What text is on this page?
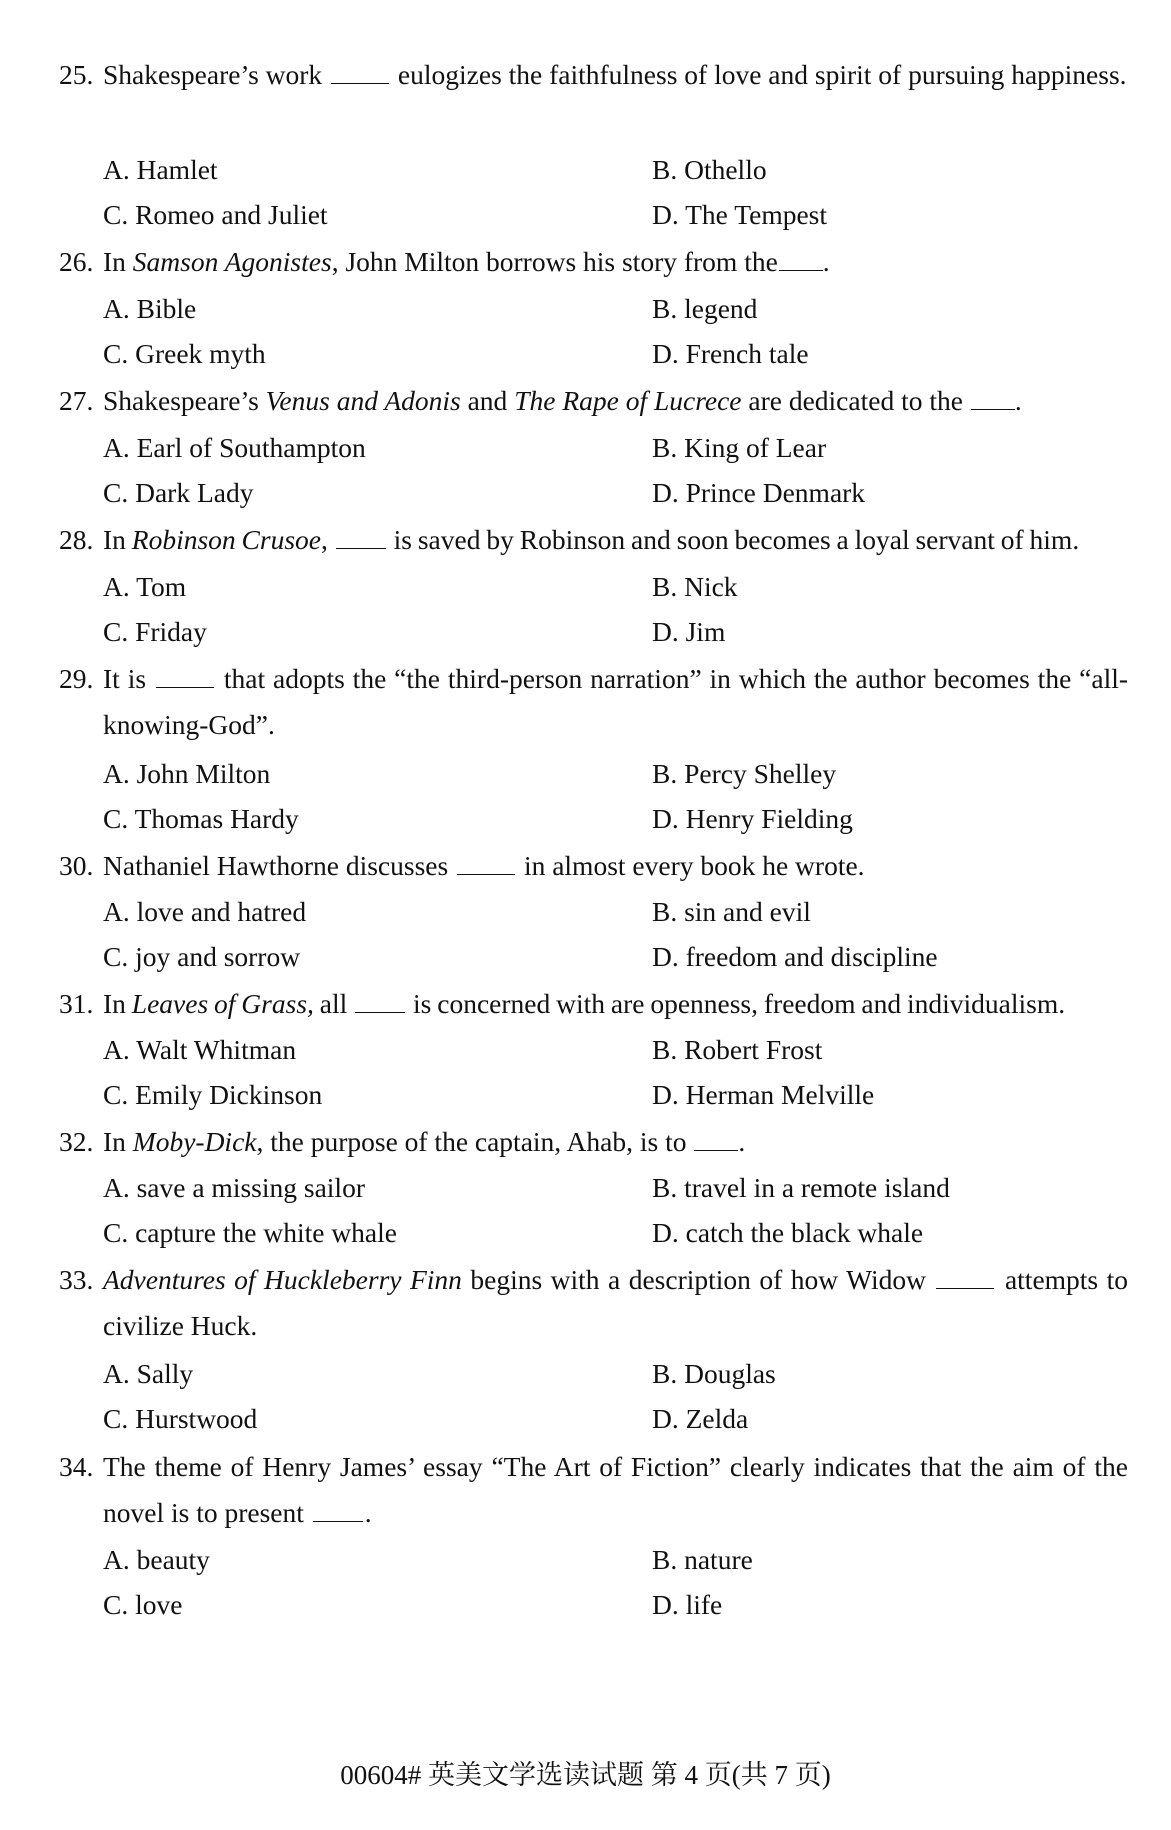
25. Shakespeare’s work	eulogizes the faithfulness of love and spirit of pursuing happiness.
A. Hamlet	B. Othello
C. Romeo and Juliet	D. The Tempest
26. In Samson Agonistes, John Milton borrows his story from the .
A. Bible	B. legend
C. Greek myth	D. French tale
27. Shakespeare’s Venus and Adonis and The Rape of Lucrece are dedicated to the .
A. Earl of Southampton	B. King of Lear
C. Dark Lady	D. Prince Denmark
28. In Robinson Crusoe, is saved by Robinson and soon becomes a loyal servant of him.
A. Tom	B. Nick
C. Friday	D. Jim
29. It is	that adopts the “the third-person narration” in which the author becomes the “all-knowing-God”.
A. John Milton	B. Percy Shelley
C. Thomas Hardy	D. Henry Fielding
30. Nathaniel Hawthorne discusses	in almost every book he wrote.
A. love and hatred	B. sin and evil
C. joy and sorrow	D. freedom and discipline
31. In Leaves of Grass, all is concerned with are openness, freedom and individualism.
A. Walt Whitman	B. Robert Frost
C. Emily Dickinson	D. Herman Melville
32. In Moby-Dick, the purpose of the captain, Ahab, is to .
A. save a missing sailor	B. travel in a remote island
C. capture the white whale	D. catch the black whale
33. Adventures of Huckleberry Finn begins with a description of how Widow	attempts to civilize Huck.
A. Sally	B. Douglas
C. Hurstwood	D. Zelda
34. The theme of Henry James’ essay “The Art of Fiction” clearly indicates that the aim of the novel is to present .
A. beauty	B. nature
C. love	D. life
00604# 英美文学选读试题 第 4 页(共 7 页)
